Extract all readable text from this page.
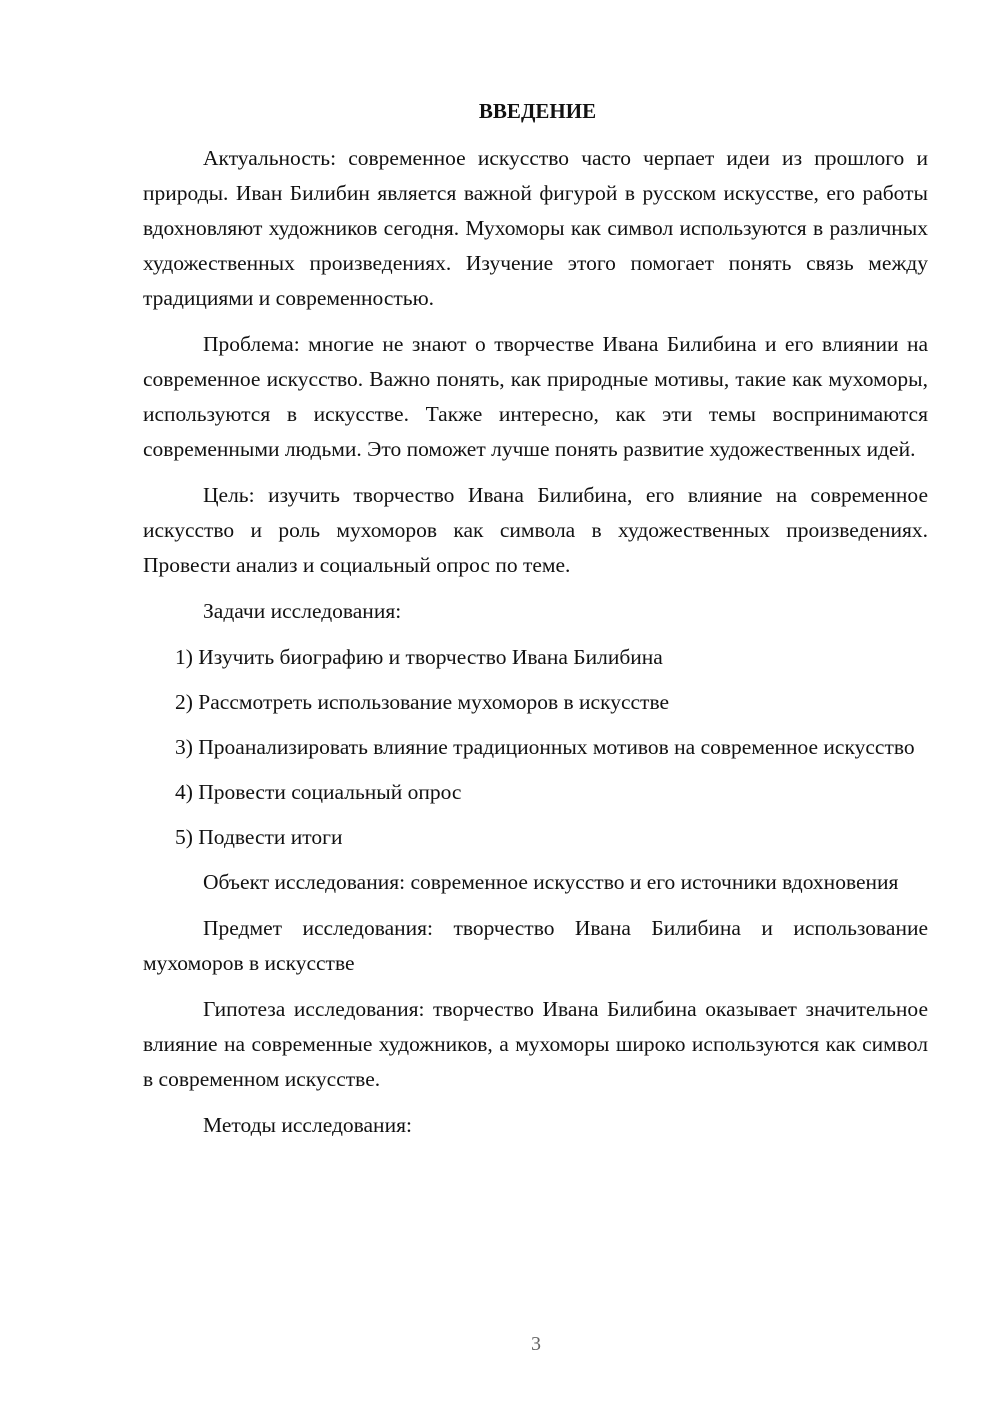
ВВЕДЕНИЕ

Актуальность: современное искусство часто черпает идеи из прошлого и природы. Иван Билибин является важной фигурой в русском искусстве, его работы вдохновляют художников сегодня. Мухоморы как символ используются в различных художественных произведениях. Изучение этого помогает понять связь между традициями и современностью.

Проблема: многие не знают о творчестве Ивана Билибина и его влиянии на современное искусство. Важно понять, как природные мотивы, такие как мухоморы, используются в искусстве. Также интересно, как эти темы воспринимаются современными людьми. Это поможет лучше понять развитие художественных идей.

Цель: изучить творчество Ивана Билибина, его влияние на современное искусство и роль мухоморов как символа в художественных произведениях. Провести анализ и социальный опрос по теме.

Задачи исследования:

1) Изучить биографию и творчество Ивана Билибина

2) Рассмотреть использование мухоморов в искусстве

3) Проанализировать влияние традиционных мотивов на современное искусство

4) Провести социальный опрос

5) Подвести итоги

Объект исследования: современное искусство и его источники вдохновения

Предмет исследования: творчество Ивана Билибина и использование мухоморов в искусстве

Гипотеза исследования: творчество Ивана Билибина оказывает значительное влияние на современные художников, а мухоморы широко используются как символ в современном искусстве.

Методы исследования:

3
